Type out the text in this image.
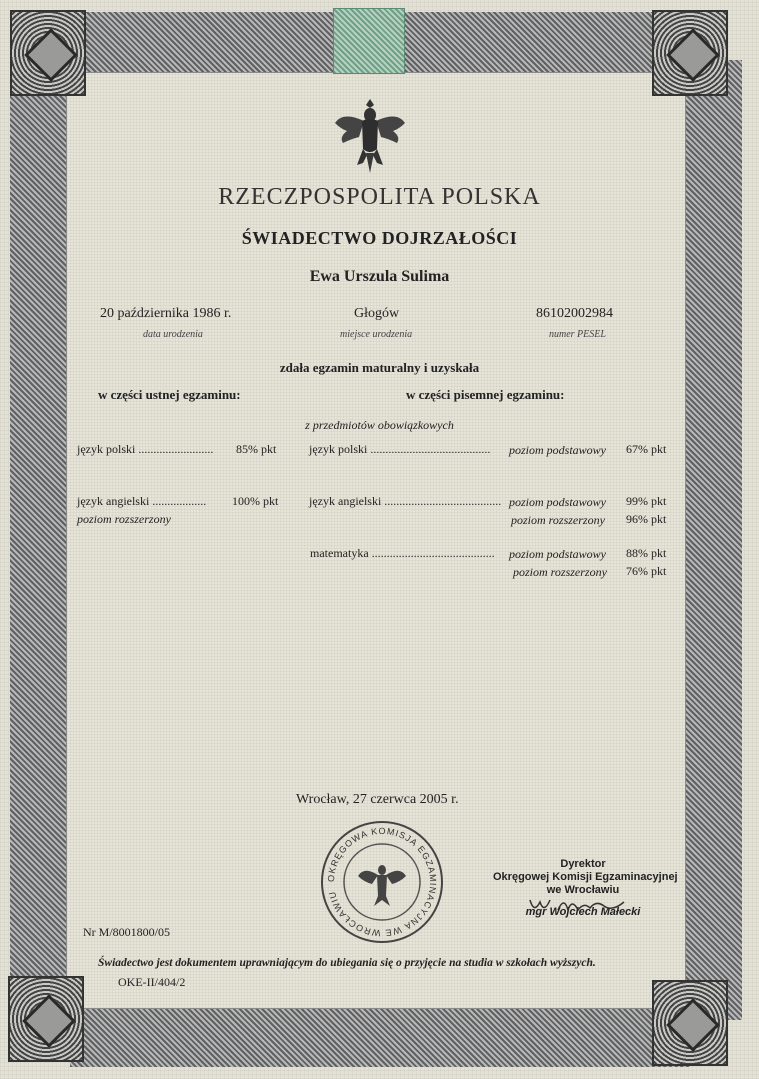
RZECZPOSPOLITA POLSKA
ŚWIADECTWO DOJRZAŁOŚCI
Ewa Urszula Sulima
20 października 1986 r.
data urodzenia
Głogów
miejsce urodzenia
86102002984
numer PESEL
zdała egzamin maturalny i uzyskała
w części ustnej egzaminu:	w części pisemnej egzaminu:
z przedmiotów obowiązkowych
język polski ......................... 85% pkt
język angielski .................. 100% pkt
poziom rozszerzony
język polski ........................................ poziom podstawowy 67% pkt
język angielski ....................................... poziom podstawowy 99% pkt
poziom rozszerzony 96% pkt
matematyka ......................................... poziom podstawowy 88% pkt
poziom rozszerzony 76% pkt
Wrocław, 27 czerwca 2005 r.
OKRĘGOWA KOMISJA EGZAMINACYJNA WE WROCŁAWIU
Dyrektor
Okręgowej Komisji Egzaminacyjnej
we Wrocławiu
mgr Wojciech Małecki
Nr M/8001800/05
Świadectwo jest dokumentem uprawniającym do ubiegania się o przyjęcie na studia w szkołach wyższych.
OKE-II/404/2
